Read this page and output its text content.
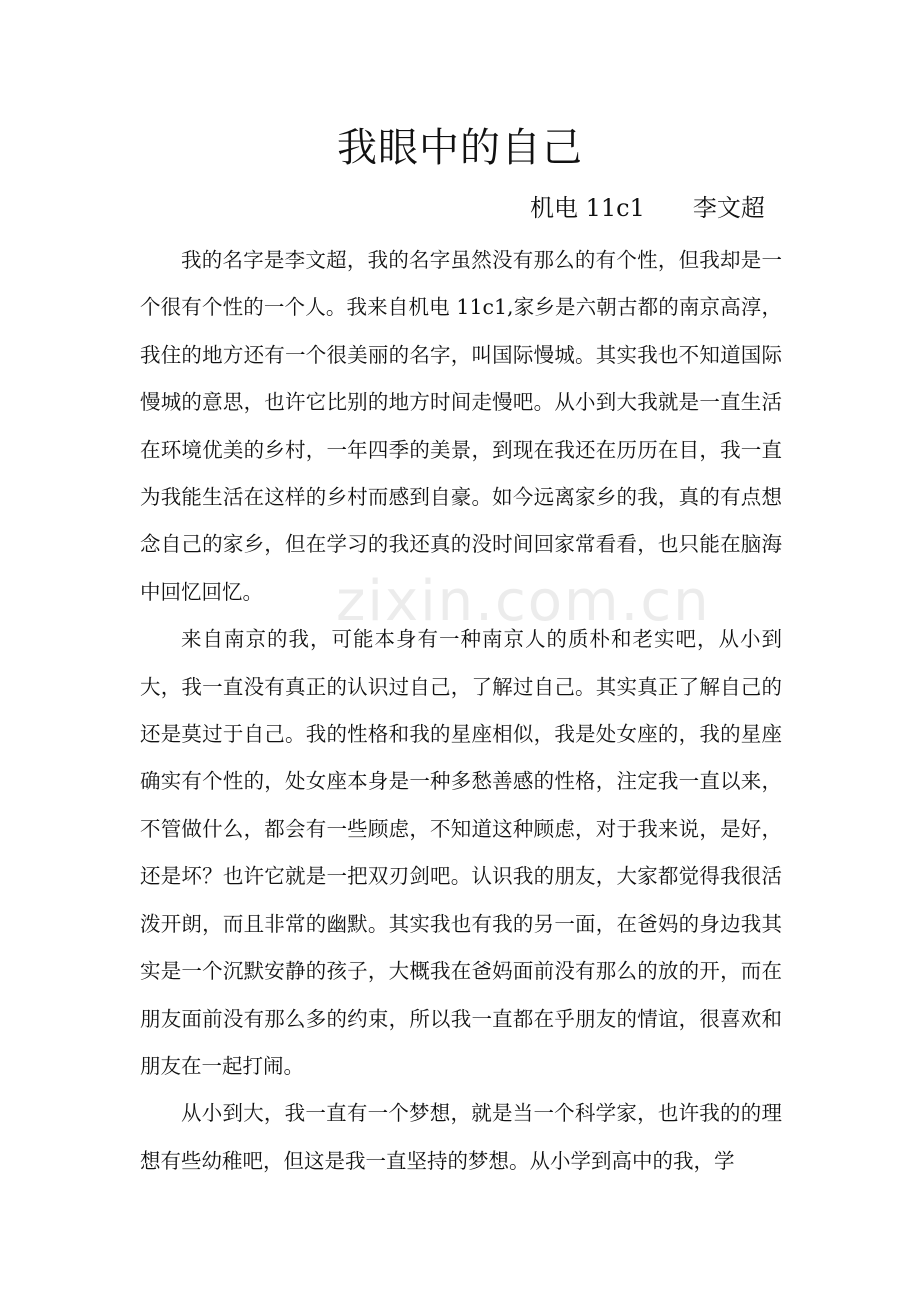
zixin.com.cn
我眼中的自己
机电 11c1 李文超

我的名字是李文超，我的名字虽然没有那么的有个性，但我却是一个很有个性的一个人。我来自机电 11c1,家乡是六朝古都的南京高淳，我住的地方还有一个很美丽的名字，叫国际慢城。其实我也不知道国际慢城的意思，也许它比别的地方时间走慢吧。从小到大我就是一直生活在环境优美的乡村，一年四季的美景，到现在我还在历历在目，我一直为我能生活在这样的乡村而感到自豪。如今远离家乡的我，真的有点想念自己的家乡，但在学习的我还真的没时间回家常看看，也只能在脑海中回忆回忆。

来自南京的我，可能本身有一种南京人的质朴和老实吧，从小到大，我一直没有真正的认识过自己，了解过自己。其实真正了解自己的还是莫过于自己。我的性格和我的星座相似，我是处女座的，我的星座确实有个性的，处女座本身是一种多愁善感的性格，注定我一直以来，不管做什么，都会有一些顾虑，不知道这种顾虑，对于我来说，是好，还是坏？也许它就是一把双刃剑吧。认识我的朋友，大家都觉得我很活泼开朗，而且非常的幽默。其实我也有我的另一面，在爸妈的身边我其实是一个沉默安静的孩子，大概我在爸妈面前没有那么的放的开，而在朋友面前没有那么多的约束，所以我一直都在乎朋友的情谊，很喜欢和朋友在一起打闹。

从小到大，我一直有一个梦想，就是当一个科学家，也许我的的理想有些幼稚吧，但这是我一直坚持的梦想。从小学到高中的我，学
